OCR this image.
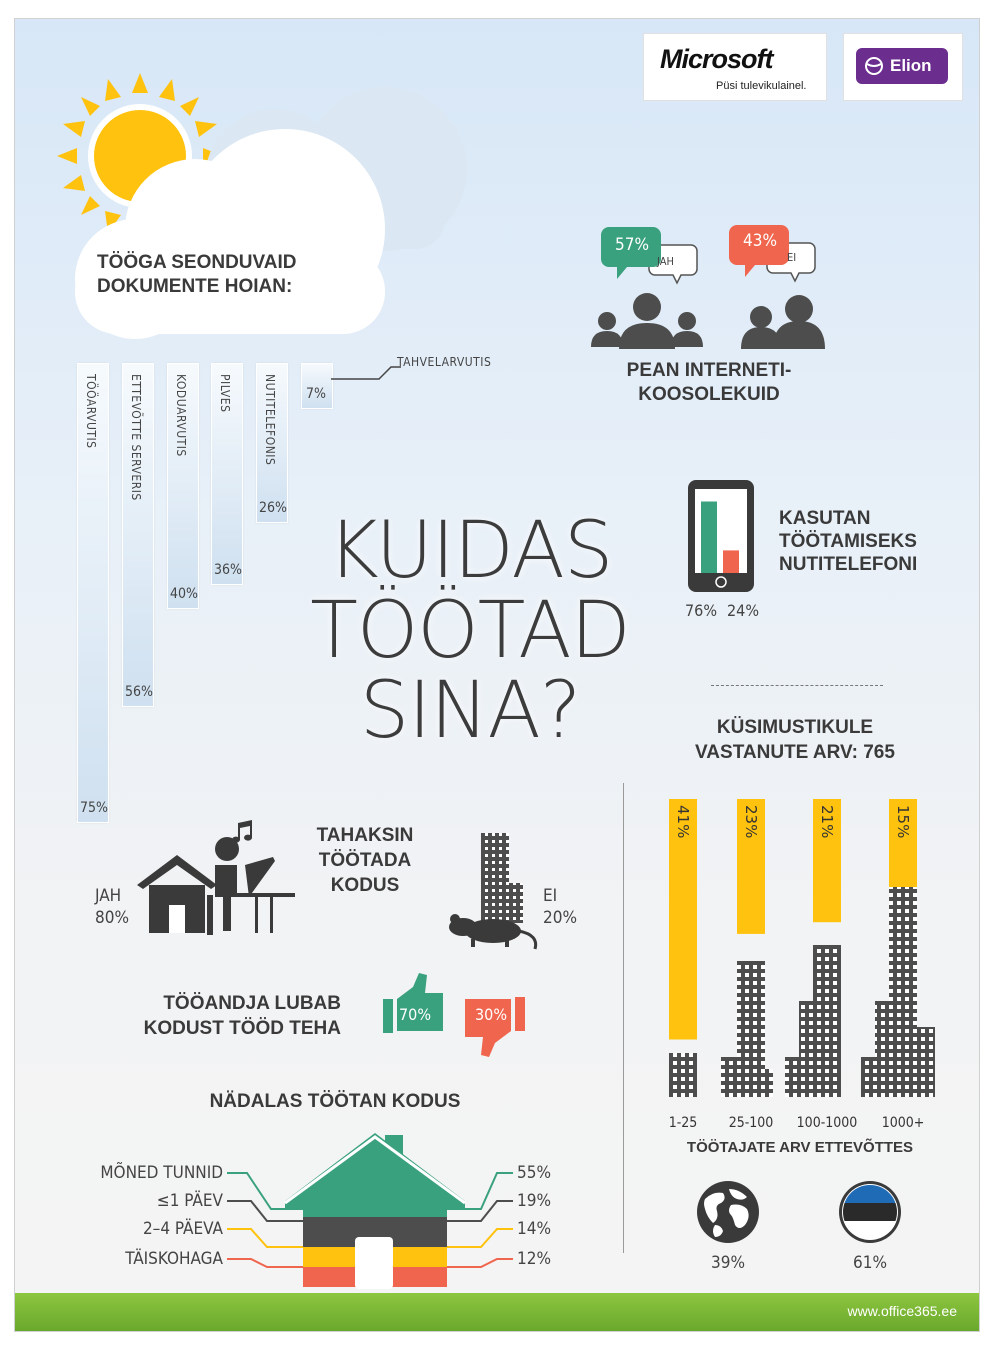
Microsoft
Püsi tulevikulainel.
Elion
TÖÖGA SEONDUVAID
DOKUMENTE HOIAN:
TÖÖARVUTIS
75%
ETTEVÕTTE SERVERIS
56%
KODUARVUTIS
40%
PILVES
36%
NUTITELEFONIS
26%
7%
TAHVELARVUTIS
57%
JAH
43%
EI
PEAN INTERNETI-
KOOSOLEKUID
KUIDAS
TÖÖTAD
SINA?
76% 24%
KASUTAN
TÖÖTAMISEKS
NUTITELEFONI
KÜSIMUSTIKULE
VASTANUTE ARV: 765
41%	23%	21%	15%
1-25	25-100	100-1000	1000+
TÖÖTAJATE ARV ETTEVÕTTES
JAH
80%
TAHAKSIN
TÖÖTADA
KODUS	EI
20%
TÖÖANDJA LUBAB
KODUST TÖÖD TEHA
70%	30%
NÄDALAS TÖÖTAN KODUS
MÕNED TUNNID
≤1 PÄEV
2–4 PÄEVA
TÄISKOHAGA
55%
19%
14%
12%	39%	61%
www.office365.ee
